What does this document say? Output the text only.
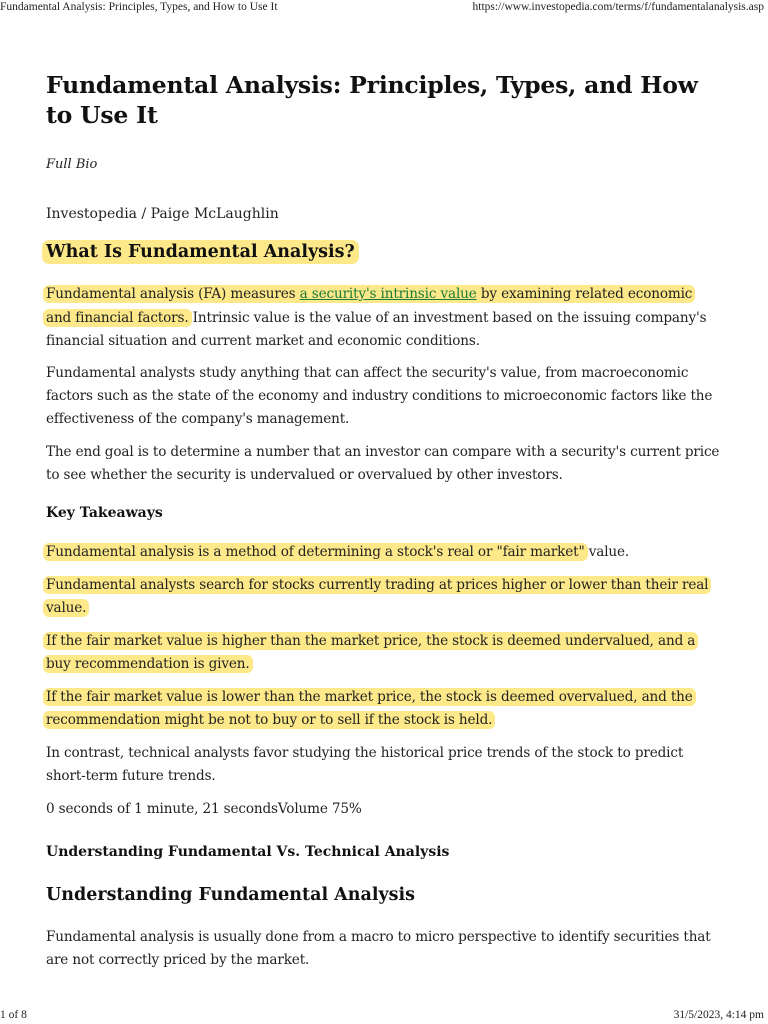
Fundamental Analysis: Principles, Types, and How to Use It	https://www.investopedia.com/terms/f/fundamentalanalysis.asp
Fundamental Analysis: Principles, Types, and How to Use It
Full Bio
Investopedia / Paige McLaughlin
What Is Fundamental Analysis?
Fundamental analysis (FA) measures a security's intrinsic value by examining related economic
and financial factors. Intrinsic value is the value of an investment based on the issuing company's
financial situation and current market and economic conditions.
Fundamental analysts study anything that can affect the security's value, from macroeconomic
factors such as the state of the economy and industry conditions to microeconomic factors like the
effectiveness of the company's management.
The end goal is to determine a number that an investor can compare with a security's current price
to see whether the security is undervalued or overvalued by other investors.
Key Takeaways
Fundamental analysis is a method of determining a stock's real or "fair market" value.
Fundamental analysts search for stocks currently trading at prices higher or lower than their real
value.
If the fair market value is higher than the market price, the stock is deemed undervalued, and a
buy recommendation is given.
If the fair market value is lower than the market price, the stock is deemed overvalued, and the
recommendation might be not to buy or to sell if the stock is held.
In contrast, technical analysts favor studying the historical price trends of the stock to predict
short-term future trends.
0 seconds of 1 minute, 21 secondsVolume 75%
Understanding Fundamental Vs. Technical Analysis
Understanding Fundamental Analysis
Fundamental analysis is usually done from a macro to micro perspective to identify securities that
are not correctly priced by the market.
1 of 8	31/5/2023, 4:14 pm
